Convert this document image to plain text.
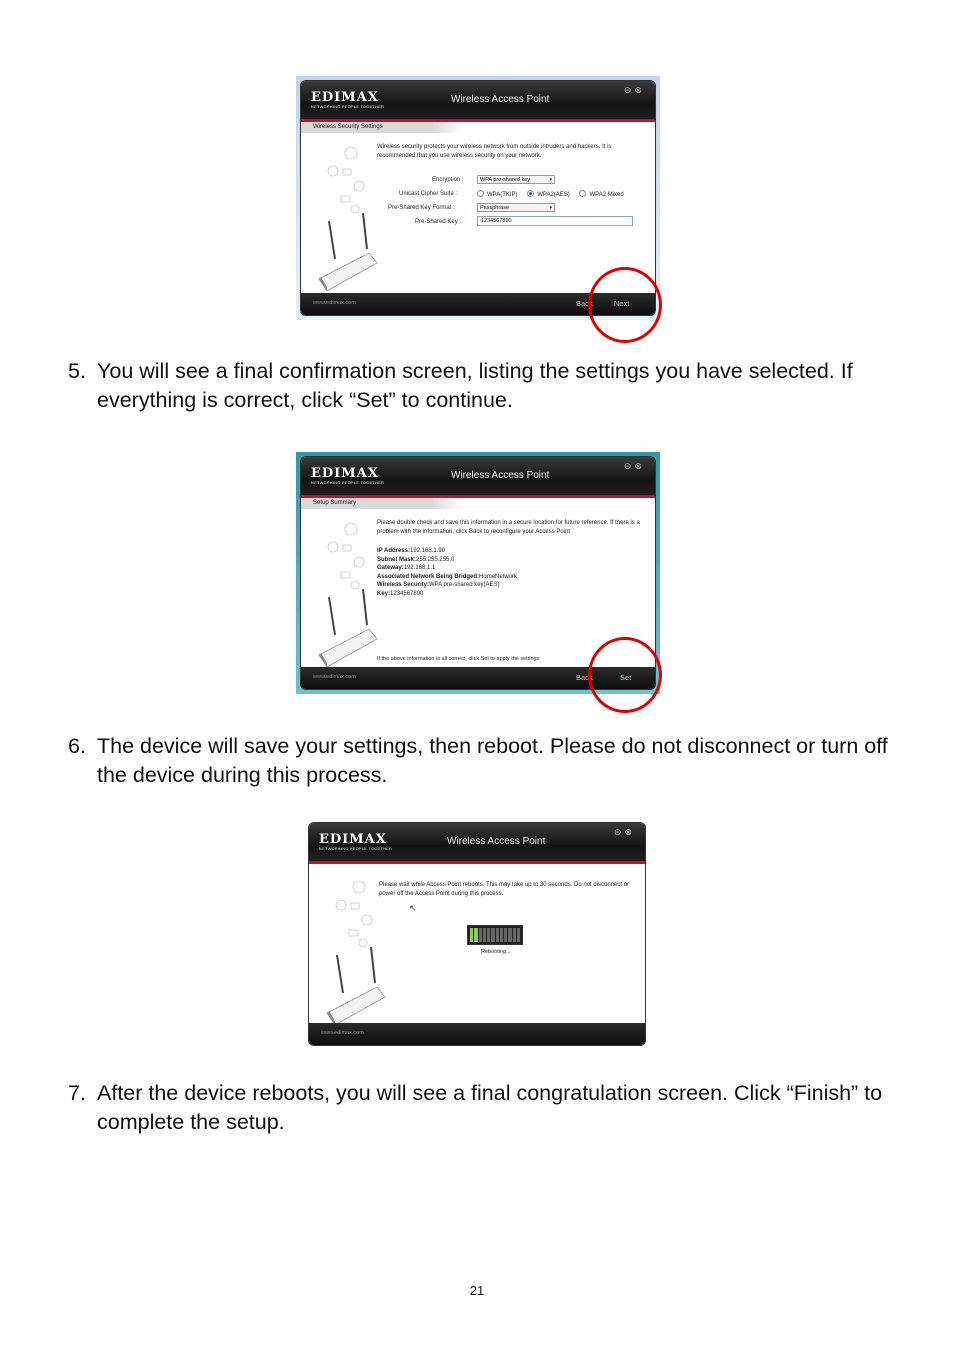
EDIMAX
NETWORKING PEOPLE TOGETHER
Wireless Access Point
⊖⊗
Wireless Security Settings
Wireless security protects your wireless network from outside intruders and hackers. It is recommended that you use wireless security on your network.
Encryption :	WPA pre-shared key	▾
Unicast Cipher Suite :	WPA(TKIP)	WPA2(AES)	WPA2 Mixed
Pre-Shared Key Format :	Passphrase	▾
Pre-Shared Key :	1234567890
www.edimax.com	Back	Next
5. You will see a final confirmation screen, listing the settings you have selected. If everything is correct, click “Set” to continue.
EDIMAX
NETWORKING PEOPLE TOGETHER
Wireless Access Point
⊖⊗
Setup Summary
Please double check and save this information in a secure location for future reference. If there is a problem with the information, click Back to reconfigure your Access Point
IP Address:192.168.1.90
Subnet Mask:255.255.255.0
Gateway:192.168.1.1
Associated Network Being Bridged:HomeNetwork
Wireless Security:WPA pre-shared key(AES)
Key:1234567890
If the above information is all correct, click Set to apply the settings
www.edimax.com	Back	Set
6. The device will save your settings, then reboot. Please do not disconnect or turn off the device during this process.
EDIMAX
NETWORKING PEOPLE TOGETHER
Wireless Access Point
⊖⊗
Please wait while Access Point reboots. This may take up to 30 seconds. Do not disconnect or power off the Access Point during this process.
↖
Rebooting...
www.edimax.com
7. After the device reboots, you will see a final congratulation screen. Click “Finish” to complete the setup.
21
